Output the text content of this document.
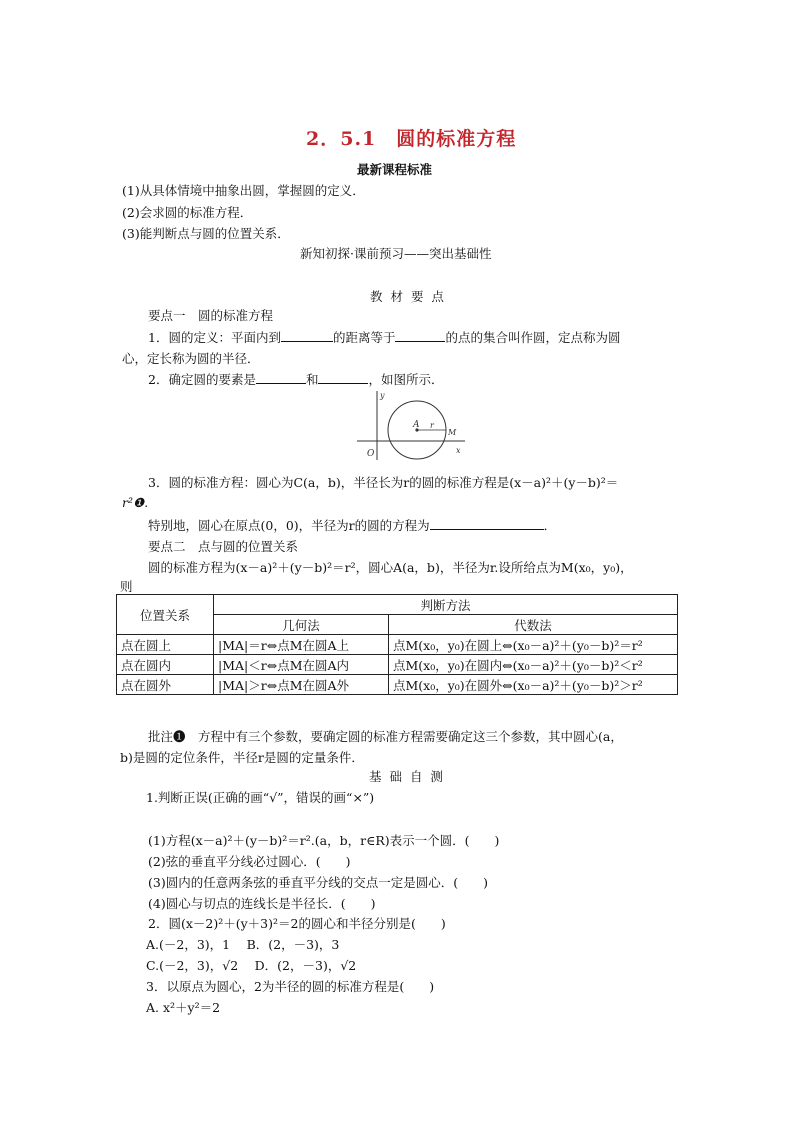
2．5.1　圆的标准方程
最新课程标准
(1)从具体情境中抽象出圆，掌握圆的定义．
(2)会求圆的标准方程．
(3)能判断点与圆的位置关系．
新知初探·课前预习——突出基础性
教 材 要 点
要点一　圆的标准方程
1．圆的定义：平面内到	的距离等于	的点的集合叫作圆，定点称为圆
心，定长称为圆的半径．
2．确定圆的要素是	和	，如图所示．
y
x
O
A r
M
3．圆的标准方程：圆心为C(a，b)，半径长为r的圆的标准方程是(x－a)²＋(y－b)²＝
r²❶.
特别地，圆心在原点(0，0)，半径为r的圆的方程为	．
要点二　点与圆的位置关系
圆的标准方程为(x－a)²＋(y－b)²＝r²，圆心A(a，b)，半径为r.设所给点为M(x₀，y₀)，
则
位置关系	判断方法	
	几何法	代数法
点在圆上	|MA|＝r⇔点M在圆A上	点M(x₀，y₀)在圆上⇔(x₀－a)²＋(y₀－b)²＝r²
点在圆内	|MA|＜r⇔点M在圆A内	点M(x₀，y₀)在圆内⇔(x₀－a)²＋(y₀－b)²＜r²
点在圆外	|MA|＞r⇔点M在圆A外	点M(x₀，y₀)在圆外⇔(x₀－a)²＋(y₀－b)²＞r²
批注❶　方程中有三个参数，要确定圆的标准方程需要确定这三个参数，其中圆心(a，
b)是圆的定位条件，半径r是圆的定量条件．
基 础 自 测
1.判断正误(正确的画“√”，错误的画“×”)
(1)方程(x－a)²＋(y－b)²＝r².(a，b，r∈R)表示一个圆．(　　)
(2)弦的垂直平分线必过圆心．(　　)
(3)圆内的任意两条弦的垂直平分线的交点一定是圆心．(　　)
(4)圆心与切点的连线长是半径长．(　　)
2．圆(x－2)²＋(y＋3)²＝2的圆心和半径分别是(　　)
A.(－2，3)，1　 B．(2，－3)，3
C.(－2，3)，√2　 D．(2，－3)，√2
3．以原点为圆心，2为半径的圆的标准方程是(　　)
A. x²＋y²＝2
